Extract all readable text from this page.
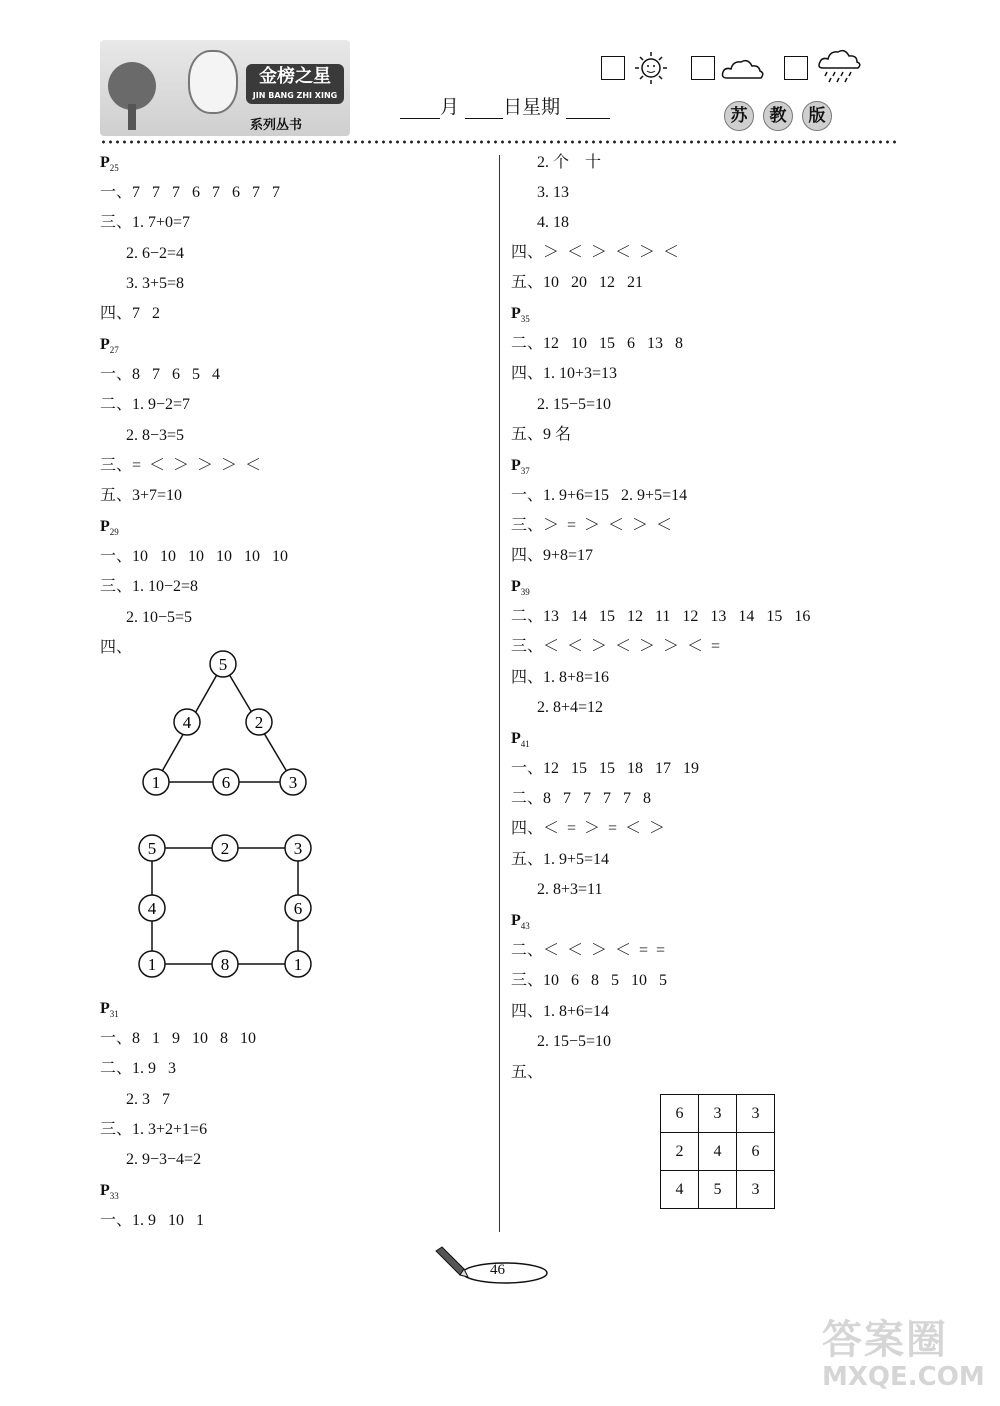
金榜之星
JIN BANG ZHI XING
系列丛书
月 日星期	苏	教	版
$P_{25}$
一、7   7   7   6   7   6   7   7
三、1. 7+0=7
2. 6−2=4
3. 3+5=8
四、7   2
$P_{27}$
一、8   7   6   5   4
二、1. 9−2=7
2. 8−3=5
三、=  ＜  ＞  ＞  ＞  ＜
五、3+7=10
$P_{29}$
一、10   10   10   10   10   10
三、1. 10−2=8
2. 10−5=5
四、
$P_{31}$
一、8   1   9   10   8   10
二、1. 9   3
2. 3   7
三、1. 3+2+1=6
2. 9−3−4=2
$P_{33}$
一、1. 9   10   1
2. 个    十
3. 13
4. 18
四、＞  ＜  ＞  ＜  ＞  ＜
五、10   20   12   21
$P_{35}$
二、12   10   15   6   13   8
四、1. 10+3=13
2. 15−5=10
五、9 名
$P_{37}$
一、1. 9+6=15   2. 9+5=14
三、＞  =  ＞  ＜  ＞  ＜
四、9+8=17
$P_{39}$
二、13   14   15   12   11   12   13   14   15   16
三、＜  ＜  ＞  ＜  ＞  ＞  ＜  =
四、1. 8+8=16
2. 8+4=12
$P_{41}$
一、12   15   15   18   17   19
二、8   7   7   7   7   8
四、＜  =  ＞  =  ＜  ＞
五、1. 9+5=14
2. 8+3=11
$P_{43}$
二、＜  ＜  ＞  ＜  =  =
三、10   6   8   5   10   5
四、1. 8+6=14
2. 15−5=10
五、
5
4	2
1	6	3
5	2	3
4	6
1	8	1
6	3	3
2	4	6
4	5	3
46
答案圈
MXQE.COM
